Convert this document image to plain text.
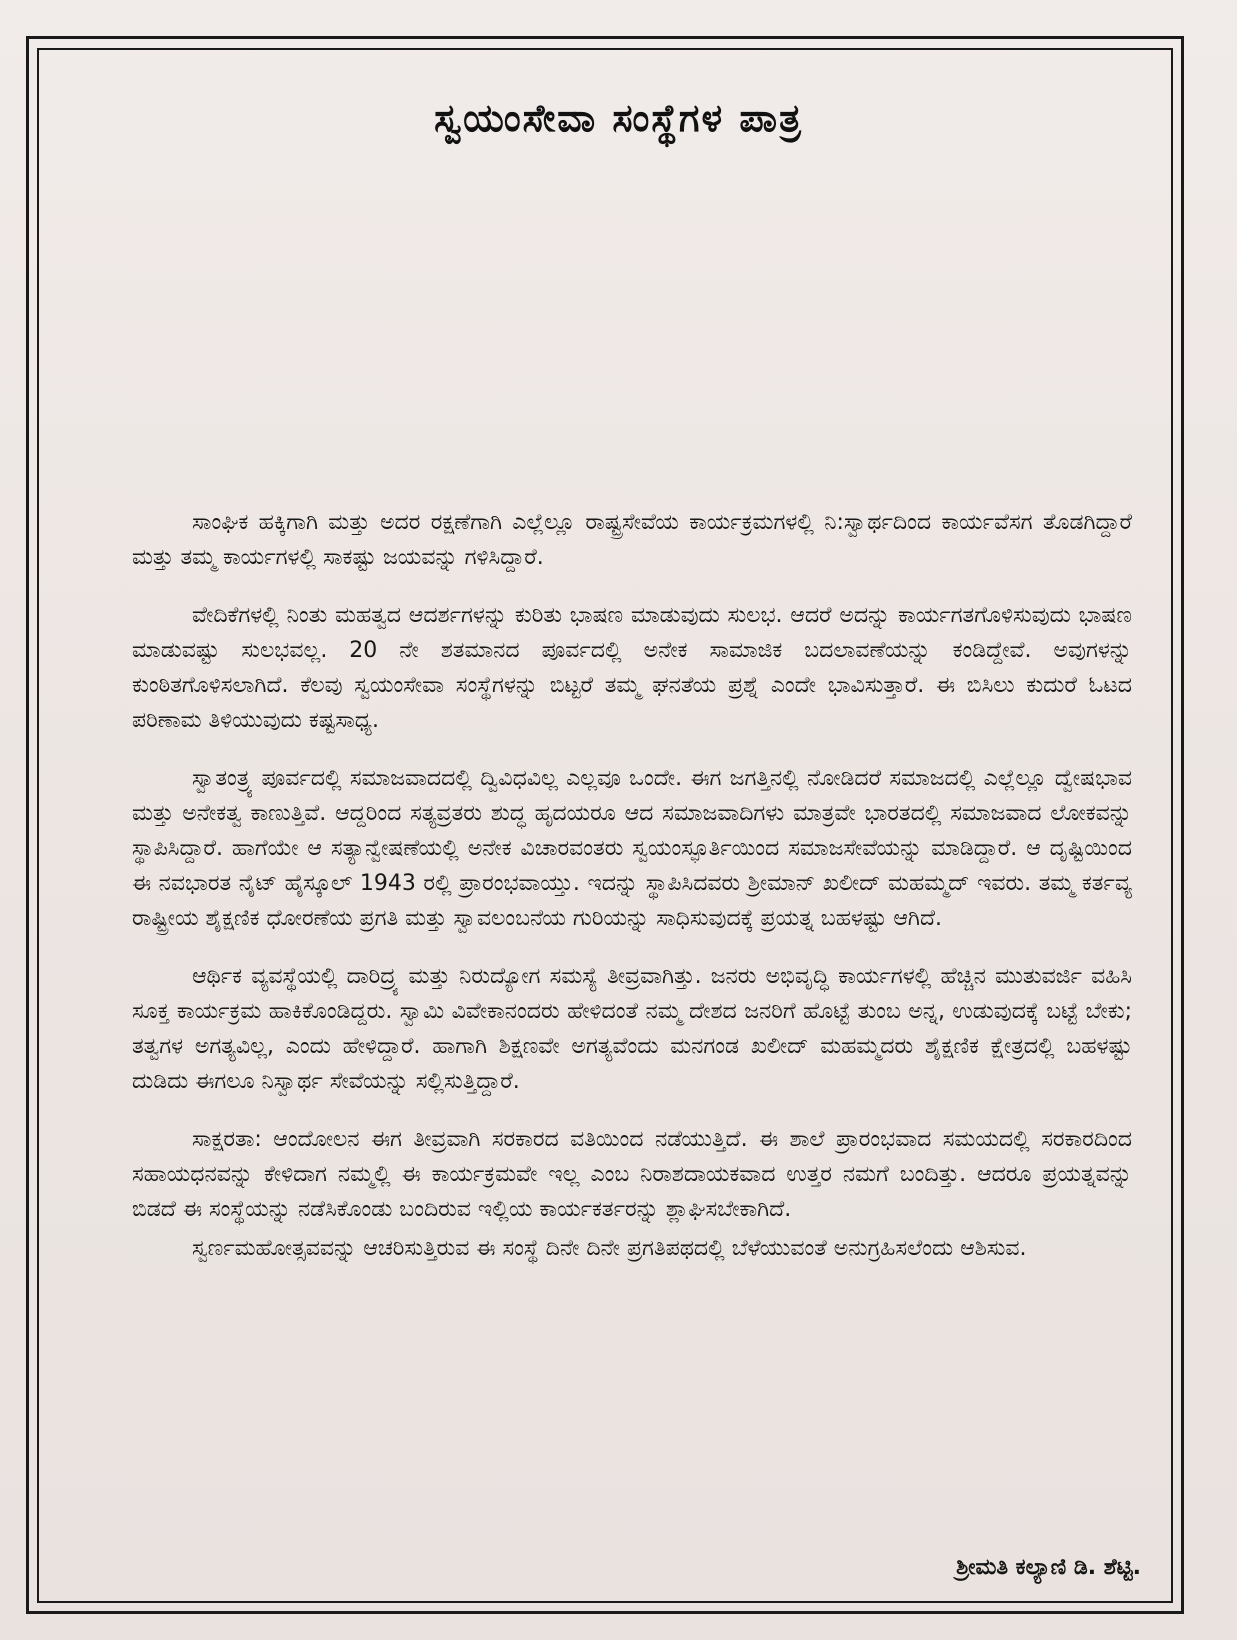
ಸ್ವಯಂಸೇವಾ ಸಂಸ್ಥೆಗಳ ಪಾತ್ರ

ಸಾಂಘಿಕ ಹಕ್ಕಿಗಾಗಿ ಮತ್ತು ಅದರ ರಕ್ಷಣೆಗಾಗಿ ಎಲ್ಲೆಲ್ಲೂ ರಾಷ್ಟ್ರಸೇವೆಯ ಕಾರ್ಯಕ್ರಮಗಳಲ್ಲಿ ನಿ:ಸ್ವಾರ್ಥದಿಂದ ಕಾರ್ಯವೆಸಗ ತೊಡಗಿದ್ದಾರೆ ಮತ್ತು ತಮ್ಮ ಕಾರ್ಯಗಳಲ್ಲಿ ಸಾಕಷ್ಟು ಜಯವನ್ನು ಗಳಿಸಿದ್ದಾರೆ.

ವೇದಿಕೆಗಳಲ್ಲಿ ನಿಂತು ಮಹತ್ವದ ಆದರ್ಶಗಳನ್ನು ಕುರಿತು ಭಾಷಣ ಮಾಡುವುದು ಸುಲಭ. ಆದರೆ ಅದನ್ನು ಕಾರ್ಯಗತಗೊಳಿಸುವುದು ಭಾಷಣ ಮಾಡುವಷ್ಟು ಸುಲಭವಲ್ಲ. 20 ನೇ ಶತಮಾನದ ಪೂರ್ವದಲ್ಲಿ ಅನೇಕ ಸಾಮಾಜಿಕ ಬದಲಾವಣೆಯನ್ನು ಕಂಡಿದ್ದೇವೆ. ಅವುಗಳನ್ನು ಕುಂಠಿತಗೊಳಿಸಲಾಗಿದೆ. ಕೆಲವು ಸ್ವಯಂಸೇವಾ ಸಂಸ್ಥೆಗಳನ್ನು ಬಿಟ್ಟರೆ ತಮ್ಮ ಘನತೆಯ ಪ್ರಶ್ನೆ ಎಂದೇ ಭಾವಿಸುತ್ತಾರೆ. ಈ ಬಿಸಿಲು ಕುದುರೆ ಓಟದ ಪರಿಣಾಮ ತಿಳಿಯುವುದು ಕಷ್ಟಸಾಧ್ಯ.

ಸ್ವಾತಂತ್ರ್ಯ ಪೂರ್ವದಲ್ಲಿ ಸಮಾಜವಾದದಲ್ಲಿ ದ್ವಿವಿಧವಿಲ್ಲ ಎಲ್ಲವೂ ಒಂದೇ. ಈಗ ಜಗತ್ತಿನಲ್ಲಿ ನೋಡಿದರೆ ಸಮಾಜದಲ್ಲಿ ಎಲ್ಲೆಲ್ಲೂ ದ್ವೇಷಭಾವ ಮತ್ತು ಅನೇಕತ್ವ ಕಾಣುತ್ತಿವೆ. ಆದ್ದರಿಂದ ಸತ್ಯವ್ರತರು ಶುದ್ಧ ಹೃದಯರೂ ಆದ ಸಮಾಜವಾದಿಗಳು ಮಾತ್ರವೇ ಭಾರತದಲ್ಲಿ ಸಮಾಜವಾದ ಲೋಕವನ್ನು ಸ್ಥಾಪಿಸಿದ್ದಾರೆ. ಹಾಗೆಯೇ ಆ ಸತ್ಯಾನ್ವೇಷಣೆಯಲ್ಲಿ ಅನೇಕ ವಿಚಾರವಂತರು ಸ್ವಯಂಸ್ಫೂರ್ತಿಯಿಂದ ಸಮಾಜಸೇವೆಯನ್ನು ಮಾಡಿದ್ದಾರೆ. ಆ ದೃಷ್ಟಿಯಿಂದ ಈ ನವಭಾರತ ನೈಟ್ ಹೈಸ್ಕೂಲ್ 1943 ರಲ್ಲಿ ಪ್ರಾರಂಭವಾಯ್ತು. ಇದನ್ನು ಸ್ಥಾಪಿಸಿದವರು ಶ್ರೀಮಾನ್ ಖಲೀದ್ ಮಹಮ್ಮದ್ ಇವರು. ತಮ್ಮ ಕರ್ತವ್ಯ ರಾಷ್ಟ್ರೀಯ ಶೈಕ್ಷಣಿಕ ಧೋರಣೆಯ ಪ್ರಗತಿ ಮತ್ತು ಸ್ವಾವಲಂಬನೆಯ ಗುರಿಯನ್ನು ಸಾಧಿಸುವುದಕ್ಕೆ ಪ್ರಯತ್ನ ಬಹಳಷ್ಟು ಆಗಿದೆ.

ಆರ್ಥಿಕ ವ್ಯವಸ್ಥೆಯಲ್ಲಿ ದಾರಿದ್ರ್ಯ ಮತ್ತು ನಿರುದ್ಯೋಗ ಸಮಸ್ಯೆ ತೀವ್ರವಾಗಿತ್ತು. ಜನರು ಅಭಿವೃದ್ಧಿ ಕಾರ್ಯಗಳಲ್ಲಿ ಹೆಚ್ಚಿನ ಮುತುವರ್ಜಿ ವಹಿಸಿ ಸೂಕ್ತ ಕಾರ್ಯಕ್ರಮ ಹಾಕಿಕೊಂಡಿದ್ದರು. ಸ್ವಾಮಿ ವಿವೇಕಾನಂದರು ಹೇಳಿದಂತೆ ನಮ್ಮ ದೇಶದ ಜನರಿಗೆ ಹೊಟ್ಟೆ ತುಂಬ ಅನ್ನ, ಉಡುವುದಕ್ಕೆ ಬಟ್ಟೆ ಬೇಕು; ತತ್ವಗಳ ಅಗತ್ಯವಿಲ್ಲ, ಎಂದು ಹೇಳಿದ್ದಾರೆ. ಹಾಗಾಗಿ ಶಿಕ್ಷಣವೇ ಅಗತ್ಯವೆಂದು ಮನಗಂಡ ಖಲೀದ್ ಮಹಮ್ಮದರು ಶೈಕ್ಷಣಿಕ ಕ್ಷೇತ್ರದಲ್ಲಿ ಬಹಳಷ್ಟು ದುಡಿದು ಈಗಲೂ ನಿಸ್ವಾರ್ಥ ಸೇವೆಯನ್ನು ಸಲ್ಲಿಸುತ್ತಿದ್ದಾರೆ.

ಸಾಕ್ಷರತಾ: ಆಂದೋಲನ ಈಗ ತೀವ್ರವಾಗಿ ಸರಕಾರದ ವತಿಯಿಂದ ನಡೆಯುತ್ತಿದೆ. ಈ ಶಾಲೆ ಪ್ರಾರಂಭವಾದ ಸಮಯದಲ್ಲಿ ಸರಕಾರದಿಂದ ಸಹಾಯಧನವನ್ನು ಕೇಳಿದಾಗ ನಮ್ಮಲ್ಲಿ ಈ ಕಾರ್ಯಕ್ರಮವೇ ಇಲ್ಲ ಎಂಬ ನಿರಾಶದಾಯಕವಾದ ಉತ್ತರ ನಮಗೆ ಬಂದಿತ್ತು. ಆದರೂ ಪ್ರಯತ್ನವನ್ನು ಬಿಡದೆ ಈ ಸಂಸ್ಥೆಯನ್ನು ನಡೆಸಿಕೊಂಡು ಬಂದಿರುವ ಇಲ್ಲಿಯ ಕಾರ್ಯಕರ್ತರನ್ನು ಶ್ಲಾಘಿಸಬೇಕಾಗಿದೆ.

ಸ್ವರ್ಣಮಹೋತ್ಸವವನ್ನು ಆಚರಿಸುತ್ತಿರುವ ಈ ಸಂಸ್ಥೆ ದಿನೇ ದಿನೇ ಪ್ರಗತಿಪಥದಲ್ಲಿ ಬೆಳೆಯುವಂತೆ ಅನುಗ್ರಹಿಸಲೆಂದು ಆಶಿಸುವ.

ಶ್ರೀಮತಿ ಕಲ್ಯಾಣಿ ಡಿ. ಶೆಟ್ಟಿ.
